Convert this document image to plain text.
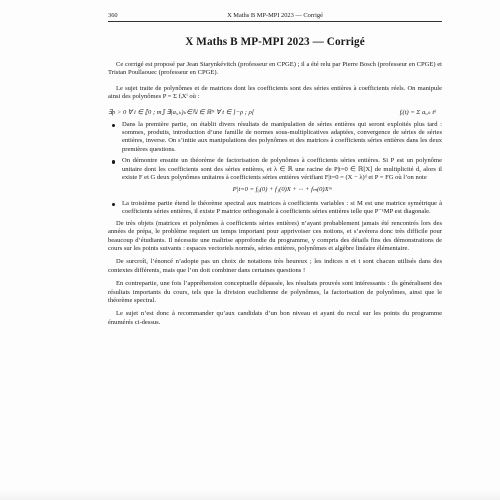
360	X Maths B MP-MPI 2023 — Corrigé
X Maths B MP-MPI 2023 — Corrigé

Ce corrigé est proposé par Jean Starynkévitch (professeur en CPGE) ; il a été relu par Pierre Bosch (professeur en CPGE) et Tristan Poullaouec (professeur en CPGE).

Le sujet traite de polynômes et de matrices dont les coefficients sont des séries entières à coefficients réels. On manipule ainsi des polynômes P = Σ fᵢXⁱ où :

∃ρ > 0 ∀ i ∈ ⟦0 ; m⟧ ∃(aᵢ,ₖ)ₖ∈ℕ ∈ ℝᴺ ∀ t ∈ ]−ρ ; ρ[	fᵢ(t) = Σ aᵢ,ₖ tᵏ
Dans la première partie, on établit divers résultats de manipulation de séries entières qui seront exploités plus tard : sommes, produits, introduction d’une famille de normes sous-multiplicatives adaptées, convergence de séries de séries entières, inverse. On s’initie aux manipulations des polynômes et des matrices à coefficients séries entières dans les deux premières questions.
On démontre ensuite un théorème de factorisation de polynômes à coefficients séries entières. Si P est un polynôme unitaire dont les coefficients sont des séries entières, et λ ∈ ℝ une racine de P|t=0 ∈ ℝ[X] de multiplicité d, alors il existe F et G deux polynômes unitaires à coefficients séries entières vérifiant F|t=0 = (X − λ)ᵈ et P = FG où l’on note
P|t=0 = f₀(0) + f₁(0)X + ··· + fₘ(0)Xᵐ
La troisième partie étend le théorème spectral aux matrices à coefficients variables : si M est une matrice symétrique à coefficients séries entières, il existe P matrice orthogonale à coefficients séries entières telle que P⁻¹MP est diagonale.

De très objets (matrices et polynômes à coefficients séries entières) n’ayant probablement jamais été rencontrés lors des années de prépa, le problème requiert un temps important pour apprivoiser ces notions, et s’avérera donc très difficile pour beaucoup d’étudiants. Il nécessite une maîtrise approfondie du programme, y compris des détails fins des démonstrations de cours sur les points suivants : espaces vectoriels normés, séries entières, polynômes et algèbre linéaire élémentaire.

De surcroît, l’énoncé n’adopte pas un choix de notations très heureux ; les indices n et t sont chacun utilisés dans des contextes différents, mais que l’on doit combiner dans certaines questions !

En contrepartie, une fois l’appréhension conceptuelle dépassée, les résultats prouvés sont intéressants : ils généralisent des résultats importants du cours, tels que la division euclidienne de polynômes, la factorisation de polynômes, ainsi que le théorème spectral.

Le sujet n’est donc à recommander qu’aux candidats d’un bon niveau et ayant du recul sur les points du programme énumérés ci-dessus.
